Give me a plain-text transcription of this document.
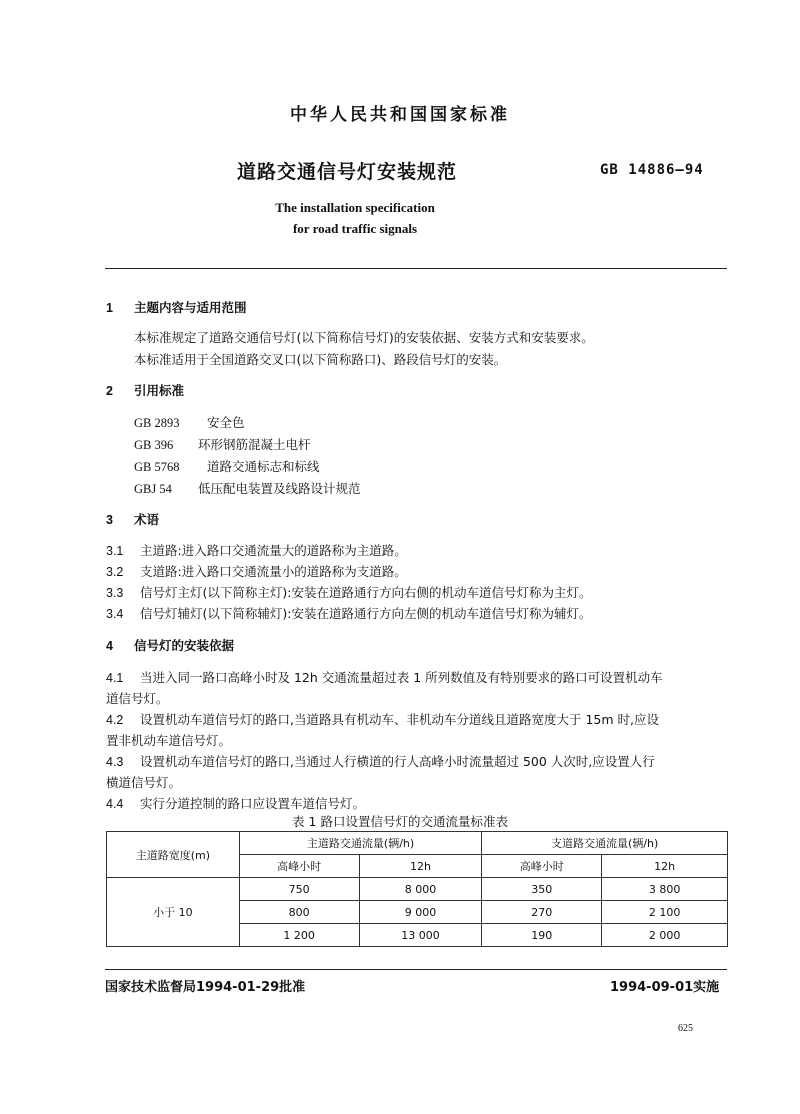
中华人民共和国国家标准
道路交通信号灯安装规范	GB 14886—94
The installation specification
for road traffic signals
1 主题内容与适用范围
本标准规定了道路交通信号灯(以下简称信号灯)的安装依据、安装方式和安装要求。
本标准适用于全国道路交叉口(以下简称路口)、路段信号灯的安装。
2 引用标准
GB 2893 安全色
GB 396 环形钢筋混凝土电杆
GB 5768 道路交通标志和标线
GBJ 54 低压配电装置及线路设计规范
3 术语
3.1 主道路:进入路口交通流量大的道路称为主道路。
3.2 支道路:进入路口交通流量小的道路称为支道路。
3.3 信号灯主灯(以下简称主灯):安装在道路通行方向右侧的机动车道信号灯称为主灯。
3.4 信号灯辅灯(以下简称辅灯):安装在道路通行方向左侧的机动车道信号灯称为辅灯。
4 信号灯的安装依据
4.1 当进入同一路口高峰小时及 12h 交通流量超过表 1 所列数值及有特别要求的路口可设置机动车
道信号灯。
4.2 设置机动车道信号灯的路口,当道路具有机动车、非机动车分道线且道路宽度大于 15m 时,应设
置非机动车道信号灯。
4.3 设置机动车道信号灯的路口,当通过人行横道的行人高峰小时流量超过 500 人次时,应设置人行
横道信号灯。
4.4 实行分道控制的路口应设置车道信号灯。
表 1 路口设置信号灯的交通流量标准表
主道路宽度(m)	主道路交通流量(辆/h)		支道路交通流量(辆/h)	
	高峰小时	12h	高峰小时	12h
小于 10	750	8 000	350	3 800
	800	9 000	270	2 100
	1 200	13 000	190	2 000
国家技术监督局1994-01-29批准	1994-09-01实施
625
